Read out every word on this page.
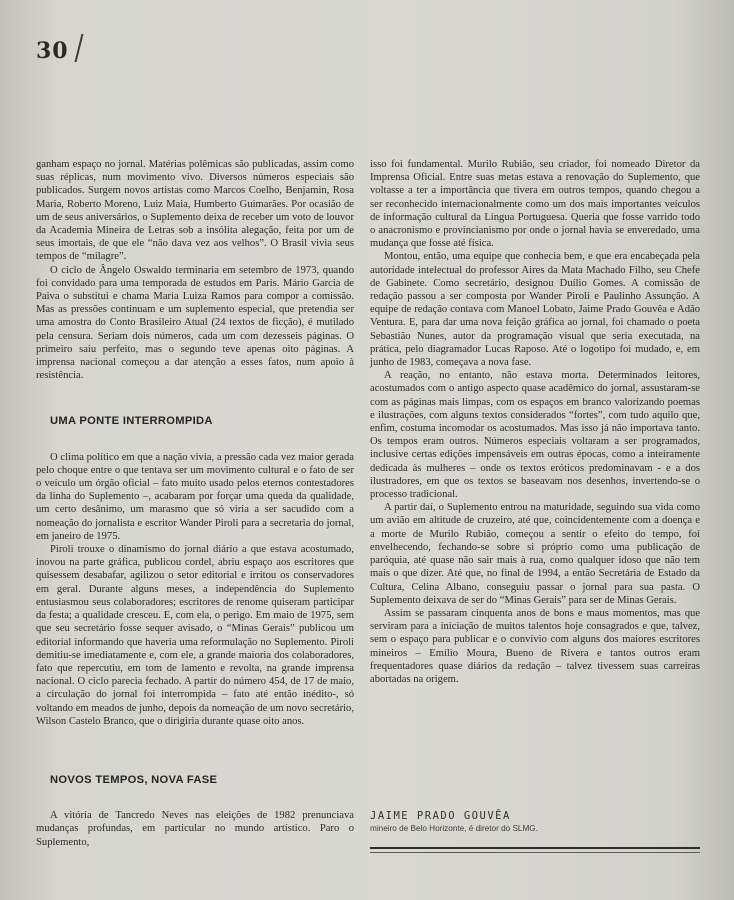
30

ganham espaço no jornal. Matérias polêmicas são publicadas, assim como suas réplicas, num movimento vivo. Diversos números especiais são publicados. Surgem novos artistas como Marcos Coelho, Benjamin, Rosa Maria, Roberto Moreno, Luiz Maia, Humberto Guimarães. Por ocasião de um de seus aniversários, o Suplemento deixa de receber um voto de louvor da Academia Mineira de Letras sob a insólita alegação, feita por um de seus imortais, de que ele “não dava vez aos velhos”. O Brasil vivia seus tempos de “milagre”.

O ciclo de Ângelo Oswaldo terminaria em setembro de 1973, quando foi convidado para uma temporada de estudos em Paris. Mário Garcia de Paiva o substitui e chama Maria Luiza Ramos para compor a comissão. Mas as pressões continuam e um suplemento especial, que pretendia ser uma amostra do Conto Brasileiro Atual (24 textos de ficção), é mutilado pela censura. Seriam dois números, cada um com dezesseis páginas. O primeiro saiu perfeito, mas o segundo teve apenas oito páginas. A imprensa nacional começou a dar atenção a esses fatos, num apoio à resistência.

UMA PONTE INTERROMPIDA

O clima político em que a nação vivia, a pressão cada vez maior gerada pelo choque entre o que tentava ser um movimento cultural e o fato de ser o veículo um órgão oficial – fato muito usado pelos eternos contestadores da linha do Suplemento –, acabaram por forçar uma queda da qualidade, um certo desânimo, um marasmo que só viria a ser sacudido com a nomeação do jornalista e escritor Wander Piroli para a secretaria do jornal, em janeiro de 1975.

Piroli trouxe o dinamismo do jornal diário a que estava acostumado, inovou na parte gráfica, publicou cordel, abriu espaço aos escritores que quisessem desabafar, agilizou o setor editorial e irritou os conservadores em geral. Durante alguns meses, a independência do Suplemento entusiasmou seus colaboradores; escritores de renome quiseram participar da festa; a qualidade cresceu. E, com ela, o perigo. Em maio de 1975, sem que seu secretário fosse sequer avisado, o “Minas Gerais” publicou um editorial informando que haveria uma reformulação no Suplemento. Piroli demitiu-se imediatamente e, com ele, a grande maioria dos colaboradores, fato que repercutiu, em tom de lamento e revolta, na grande imprensa nacional. O ciclo parecia fechado. A partir do número 454, de 17 de maio, a circulação do jornal foi interrompida – fato até então inédito-, só voltando em meados de junho, depois da nomeação de um novo secretário, Wilson Castelo Branco, que o dirigiria durante quase oito anos.

NOVOS TEMPOS, NOVA FASE

A vitória de Tancredo Neves nas eleições de 1982 prenunciava mudanças profundas, em particular no mundo artístico. Paro o Suplemento,

isso foi fundamental. Murilo Rubião, seu criador, foi nomeado Diretor da Imprensa Oficial. Entre suas metas estava a renovação do Suplemento, que voltasse a ter a importância que tivera em outros tempos, quando chegou a ser reconhecido internacionalmente como um dos mais importantes veículos de informação cultural da Língua Portuguesa. Queria que fosse varrido todo o anacronismo e provincianismo por onde o jornal havia se enveredado, uma mudança que fosse até física.

Montou, então, uma equipe que conhecia bem, e que era encabeçada pela autoridade intelectual do professor Aires da Mata Machado Filho, seu Chefe de Gabinete. Como secretário, designou Duílio Gomes. A comissão de redação passou a ser composta por Wander Piroli e Paulinho Assunção. A equipe de redação contava com Manoel Lobato, Jaime Prado Gouvêa e Adão Ventura. E, para dar uma nova feição gráfica ao jornal, foi chamado o poeta Sebastião Nunes, autor da programação visual que seria executada, na prática, pelo diagramador Lucas Raposo. Até o logotipo foi mudado, e, em junho de 1983, começava a nova fase.

A reação, no entanto, não estava morta. Determinados leitores, acostumados com o antigo aspecto quase acadêmico do jornal, assustaram-se com as páginas mais limpas, com os espaços em branco valorizando poemas e ilustrações, com alguns textos considerados “fortes”, com tudo aquilo que, enfim, costuma incomodar os acostumados. Mas isso já não importava tanto. Os tempos eram outros. Números especiais voltaram a ser programados, inclusive certas edições impensáveis em outras épocas, como a inteiramente dedicada às mulheres – onde os textos eróticos predominavam - e a dos ilustradores, em que os textos se baseavam nos desenhos, invertendo-se o processo tradicional.

A partir daí, o Suplemento entrou na maturidade, seguindo sua vida como um avião em altitude de cruzeiro, até que, coincidentemente com a doença e a morte de Murilo Rubião, começou a sentir o efeito do tempo, foi envelhecendo, fechando-se sobre si próprio como uma publicação de paróquia, até quase não sair mais à rua, como qualquer idoso que não tem mais o que dizer. Até que, no final de 1994, a então Secretária de Estado da Cultura, Celina Albano, conseguiu passar o jornal para sua pasta. O Suplemento deixava de ser do “Minas Gerais” para ser de Minas Gerais.

Assim se passaram cinquenta anos de bons e maus momentos, mas que serviram para a iniciação de muitos talentos hoje consagrados e que, talvez, sem o espaço para publicar e o convívio com alguns dos maiores escritores mineiros – Emílio Moura, Bueno de Rivera e tantos outros eram frequentadores quase diários da redação – talvez tivessem suas carreiras abortadas na origem.

JAIME PRADO GOUVÊA
mineiro de Belo Horizonte, é diretor do SLMG.
